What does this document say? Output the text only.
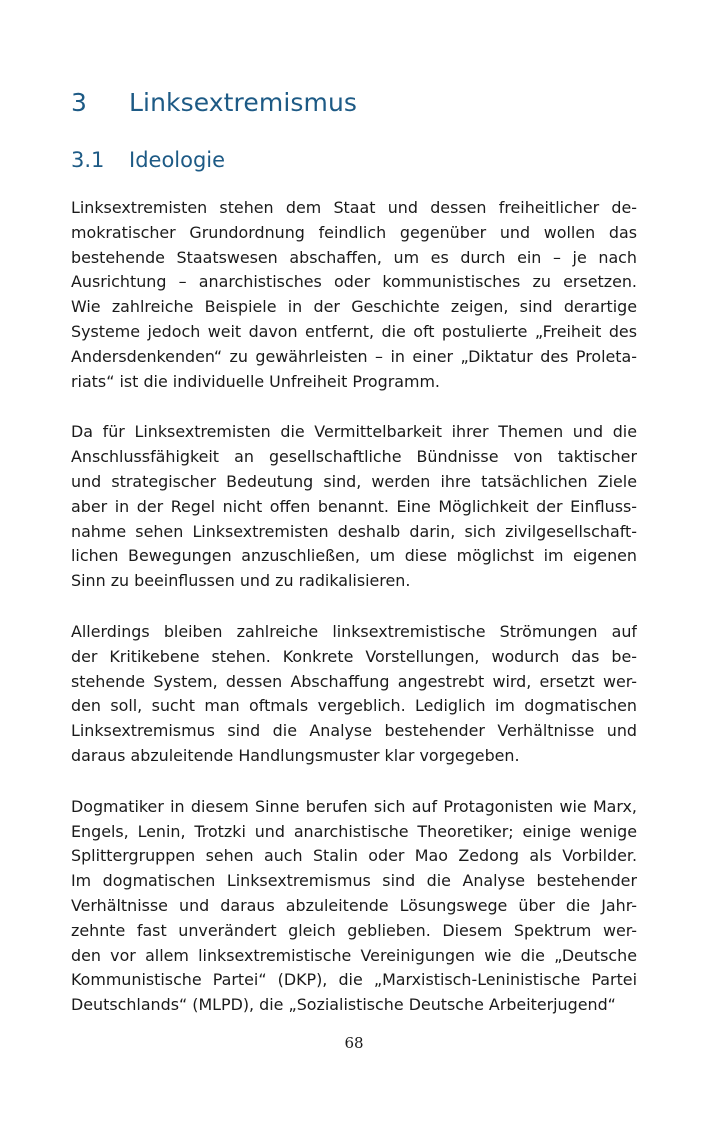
3 Linksextremismus
3.1 Ideologie
Linksextremisten stehen dem Staat und dessen freiheitlicher de-
mokratischer Grundordnung feindlich gegenüber und wollen das
bestehende Staatswesen abschaffen, um es durch ein – je nach
Ausrichtung – anarchistisches oder kommunistisches zu ersetzen.
Wie zahlreiche Beispiele in der Geschichte zeigen, sind derartige
Systeme jedoch weit davon entfernt, die oft postulierte „Freiheit des
Andersdenkenden“ zu gewährleisten – in einer „Diktatur des Proleta-
riats“ ist die individuelle Unfreiheit Programm.
Da für Linksextremisten die Vermittelbarkeit ihrer Themen und die
Anschlussfähigkeit an gesellschaftliche Bündnisse von taktischer
und strategischer Bedeutung sind, werden ihre tatsächlichen Ziele
aber in der Regel nicht offen benannt. Eine Möglichkeit der Einfluss-
nahme sehen Linksextremisten deshalb darin, sich zivilgesellschaft-
lichen Bewegungen anzuschließen, um diese möglichst im eigenen
Sinn zu beeinflussen und zu radikalisieren.
Allerdings bleiben zahlreiche linksextremistische Strömungen auf
der Kritikebene stehen. Konkrete Vorstellungen, wodurch das be-
stehende System, dessen Abschaffung angestrebt wird, ersetzt wer-
den soll, sucht man oftmals vergeblich. Lediglich im dogmatischen
Linksextremismus sind die Analyse bestehender Verhältnisse und
daraus abzuleitende Handlungsmuster klar vorgegeben.
Dogmatiker in diesem Sinne berufen sich auf Protagonisten wie Marx,
Engels, Lenin, Trotzki und anarchistische Theoretiker; einige wenige
Splittergruppen sehen auch Stalin oder Mao Zedong als Vorbilder.
Im dogmatischen Linksextremismus sind die Analyse bestehender
Verhältnisse und daraus abzuleitende Lösungswege über die Jahr-
zehnte fast unverändert gleich geblieben. Diesem Spektrum wer-
den vor allem linksextremistische Vereinigungen wie die „Deutsche
Kommunistische Partei“ (DKP), die „Marxistisch-Leninistische Partei
Deutschlands“ (MLPD), die „Sozialistische Deutsche Arbeiterjugend“
68
